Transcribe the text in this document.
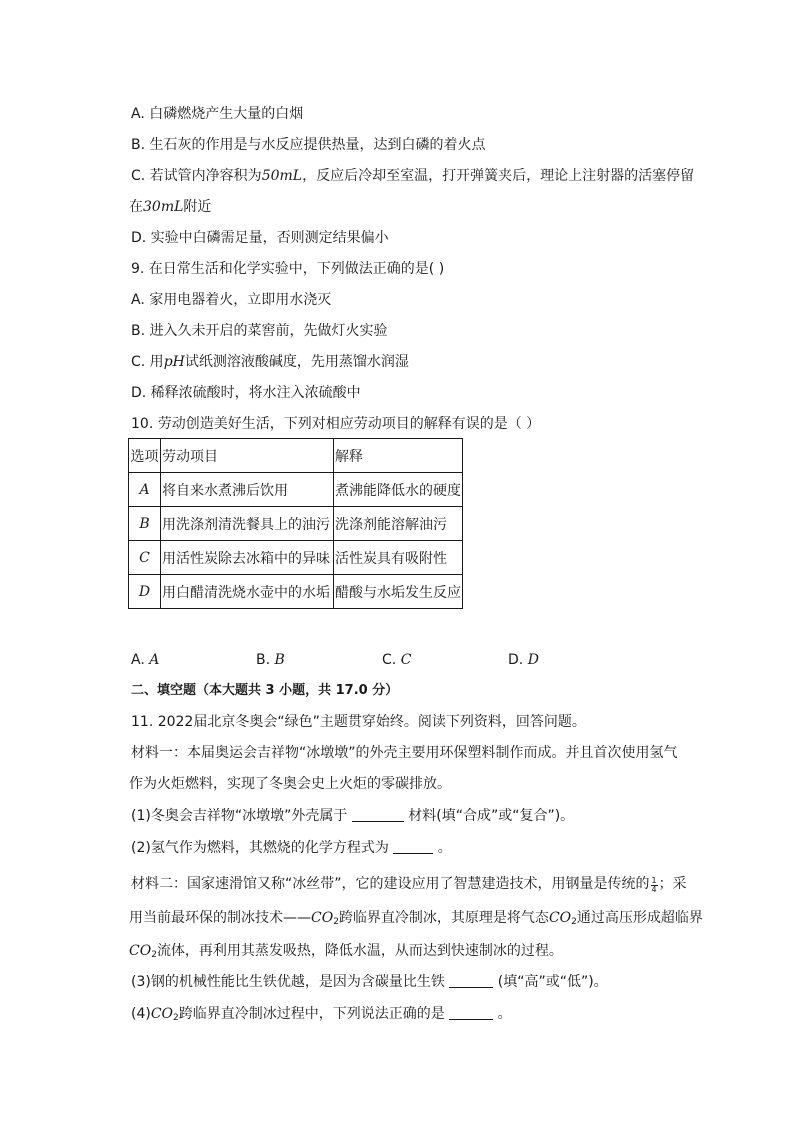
A. 白磷燃烧产生大量的白烟
B. 生石灰的作用是与水反应提供热量，达到白磷的着火点
C. 若试管内净容积为50mL，反应后冷却至室温，打开弹簧夹后，理论上注射器的活塞停留
在30mL附近
D. 实验中白磷需足量，否则测定结果偏小
9. 在日常生活和化学实验中，下列做法正确的是( )
A. 家用电器着火，立即用水浇灭
B. 进入久未开启的菜窖前，先做灯火实验
C. 用pH试纸测溶液酸碱度，先用蒸馏水润湿
D. 稀释浓硫酸时，将水注入浓硫酸中
10. 劳动创造美好生活，下列对相应劳动项目的解释有误的是（ ）
选项	劳动项目	解释
A	将自来水煮沸后饮用	煮沸能降低水的硬度
B	用洗涤剂清洗餐具上的油污	洗涤剂能溶解油污
C	用活性炭除去冰箱中的异味	活性炭具有吸附性
D	用白醋清洗烧水壶中的水垢	醋酸与水垢发生反应
A. A	B. B	C. C	D. D
二、填空题（本大题共 3 小题，共 17.0 分）
11. 2022届北京冬奥会“绿色”主题贯穿始终。阅读下列资料，回答问题。
材料一：本届奥运会吉祥物“冰墩墩”的外壳主要用环保塑料制作而成。并且首次使用氢气
作为火炬燃料，实现了冬奥会史上火炬的零碳排放。
(1)冬奥会吉祥物“冰墩墩”外壳属于	材料(填“合成”或“复合”)。
(2)氢气作为燃料，其燃烧的化学方程式为	。
材料二：国家速滑馆又称“冰丝带”，它的建设应用了智慧建造技术，用钢量是传统的 $\frac{1}{4}$ ；采
用当前最环保的制冰技术$——CO_2$跨临界直冷制冰，其原理是将气态$CO_2$通过高压形成超临界
$CO_2$流体，再利用其蒸发吸热，降低水温，从而达到快速制冰的过程。
(3)钢的机械性能比生铁优越，是因为含碳量比生铁	(填“高”或“低”)。
$(4)CO_2$跨临界直冷制冰过程中，下列说法正确的是	。
